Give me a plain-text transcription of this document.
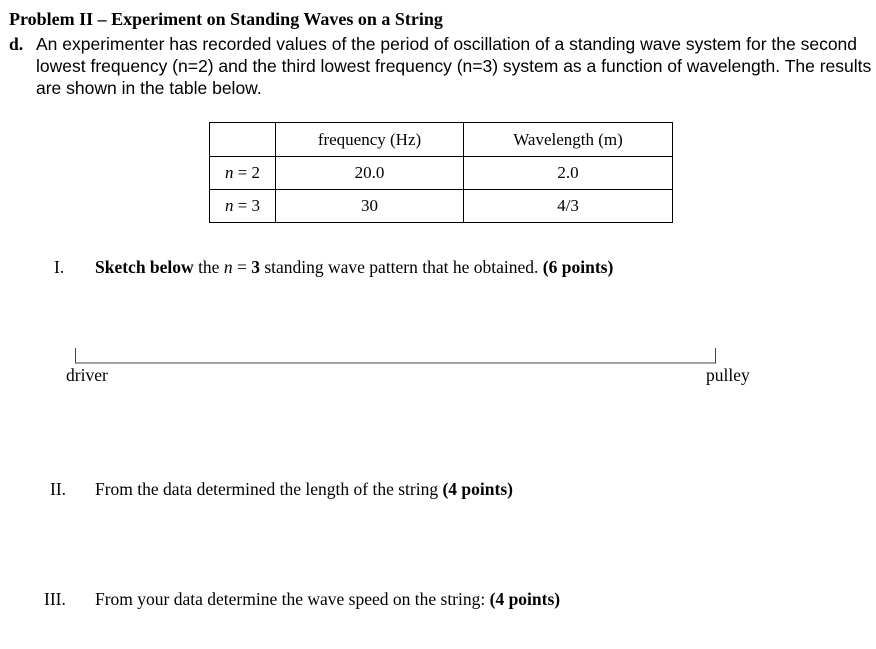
Problem II – Experiment on Standing Waves on a String
d. An experimenter has recorded values of the period of oscillation of a standing wave system for the second
lowest frequency (n=2) and the third lowest frequency (n=3) system as a function of wavelength. The results
are shown in the table below.
	frequency (Hz)	Wavelength (m)
n = 2	20.0	2.0
n = 3	30	4/3
I. Sketch below the n = 3 standing wave pattern that he obtained. (6 points)
driver	pulley
II. From the data determined the length of the string (4 points)
III. From your data determine the wave speed on the string: (4 points)
